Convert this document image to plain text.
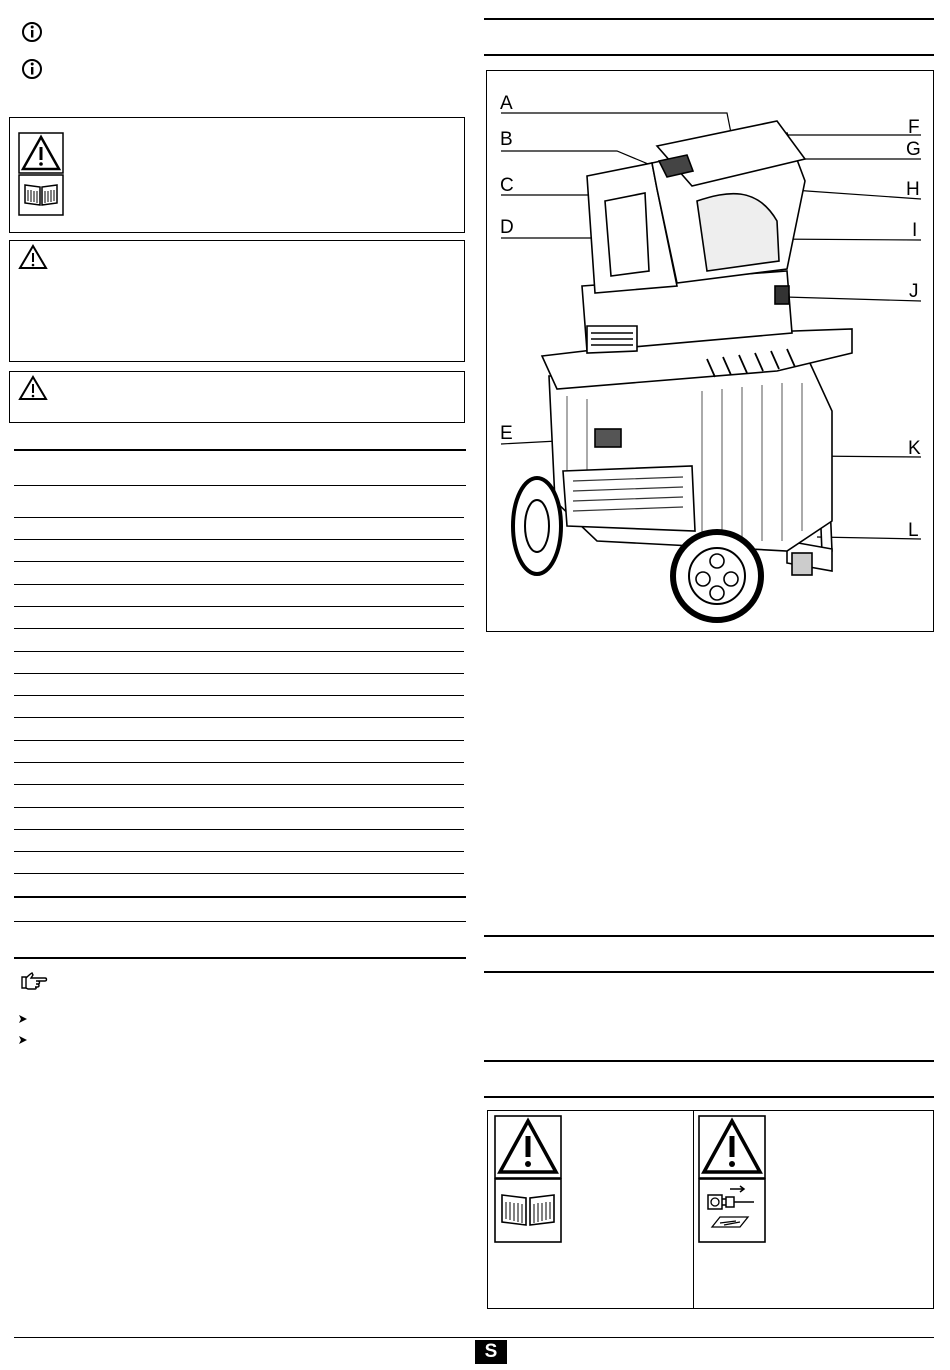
A
B
C
D
E
F
G
H
I
J
K
L
S
